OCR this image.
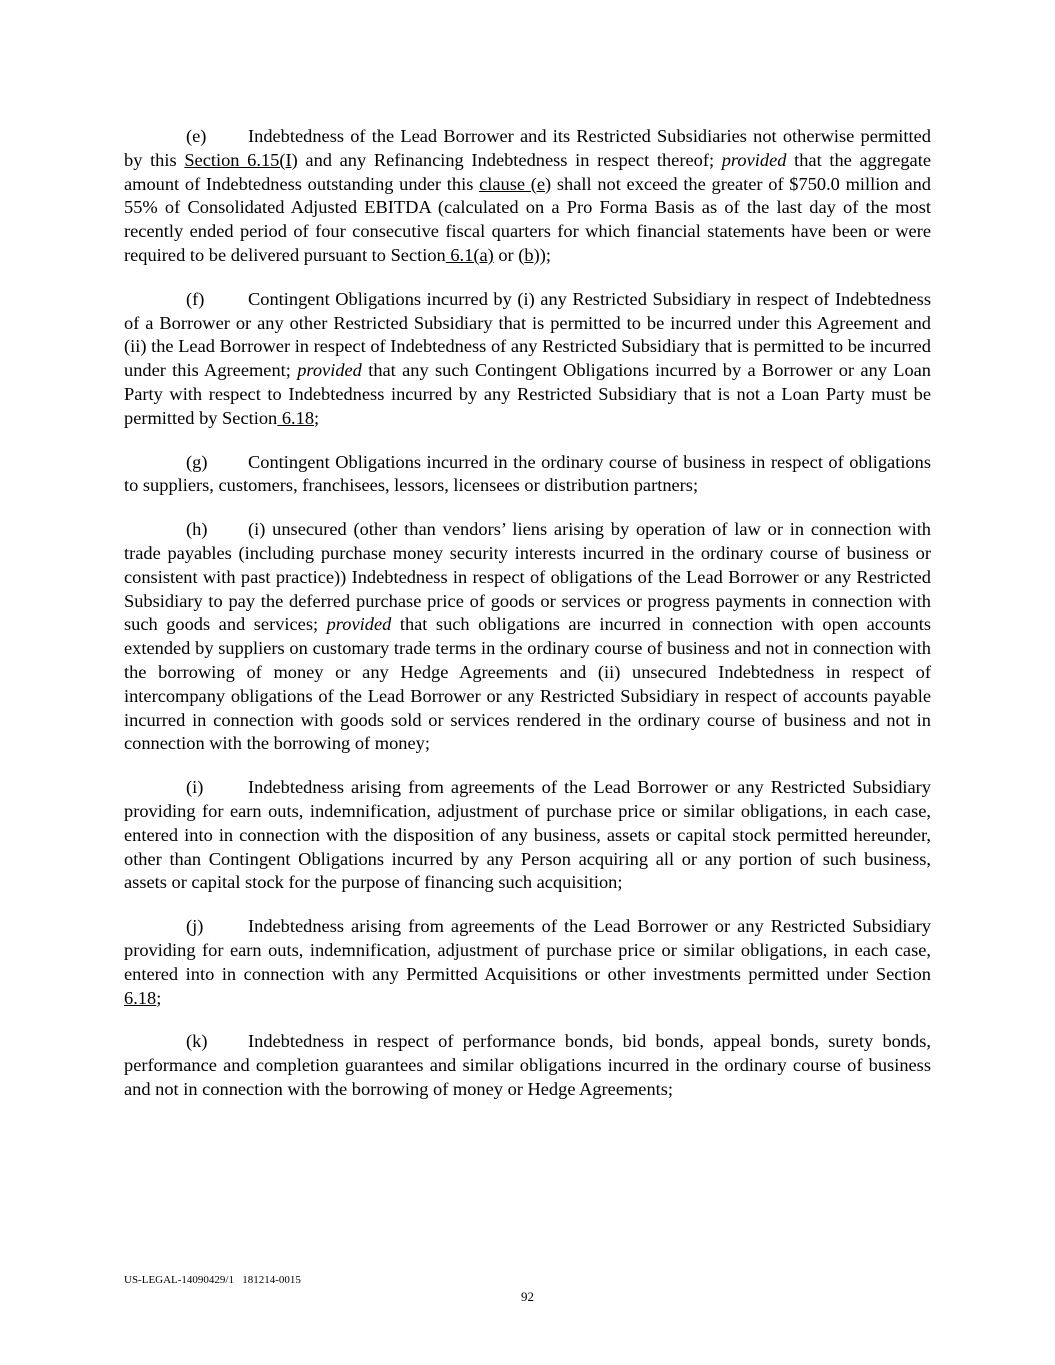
(e) Indebtedness of the Lead Borrower and its Restricted Subsidiaries not otherwise permitted by this Section 6.15(I) and any Refinancing Indebtedness in respect thereof; provided that the aggregate amount of Indebtedness outstanding under this clause (e) shall not exceed the greater of $750.0 million and 55% of Consolidated Adjusted EBITDA (calculated on a Pro Forma Basis as of the last day of the most recently ended period of four consecutive fiscal quarters for which financial statements have been or were required to be delivered pursuant to Section 6.1(a) or (b));

(f) Contingent Obligations incurred by (i) any Restricted Subsidiary in respect of Indebtedness of a Borrower or any other Restricted Subsidiary that is permitted to be incurred under this Agreement and (ii) the Lead Borrower in respect of Indebtedness of any Restricted Subsidiary that is permitted to be incurred under this Agreement; provided that any such Contingent Obligations incurred by a Borrower or any Loan Party with respect to Indebtedness incurred by any Restricted Subsidiary that is not a Loan Party must be permitted by Section 6.18;

(g) Contingent Obligations incurred in the ordinary course of business in respect of obligations to suppliers, customers, franchisees, lessors, licensees or distribution partners;

(h) (i) unsecured (other than vendors’ liens arising by operation of law or in connection with trade payables (including purchase money security interests incurred in the ordinary course of business or consistent with past practice)) Indebtedness in respect of obligations of the Lead Borrower or any Restricted Subsidiary to pay the deferred purchase price of goods or services or progress payments in connection with such goods and services; provided that such obligations are incurred in connection with open accounts extended by suppliers on customary trade terms in the ordinary course of business and not in connection with the borrowing of money or any Hedge Agreements and (ii) unsecured Indebtedness in respect of intercompany obligations of the Lead Borrower or any Restricted Subsidiary in respect of accounts payable incurred in connection with goods sold or services rendered in the ordinary course of business and not in connection with the borrowing of money;

(i) Indebtedness arising from agreements of the Lead Borrower or any Restricted Subsidiary providing for earn outs, indemnification, adjustment of purchase price or similar obligations, in each case, entered into in connection with the disposition of any business, assets or capital stock permitted hereunder, other than Contingent Obligations incurred by any Person acquiring all or any portion of such business, assets or capital stock for the purpose of financing such acquisition;

(j) Indebtedness arising from agreements of the Lead Borrower or any Restricted Subsidiary providing for earn outs, indemnification, adjustment of purchase price or similar obligations, in each case, entered into in connection with any Permitted Acquisitions or other investments permitted under Section 6.18;

(k) Indebtedness in respect of performance bonds, bid bonds, appeal bonds, surety bonds, performance and completion guarantees and similar obligations incurred in the ordinary course of business and not in connection with the borrowing of money or Hedge Agreements;

US-LEGAL-14090429/1   181214-0015
92
